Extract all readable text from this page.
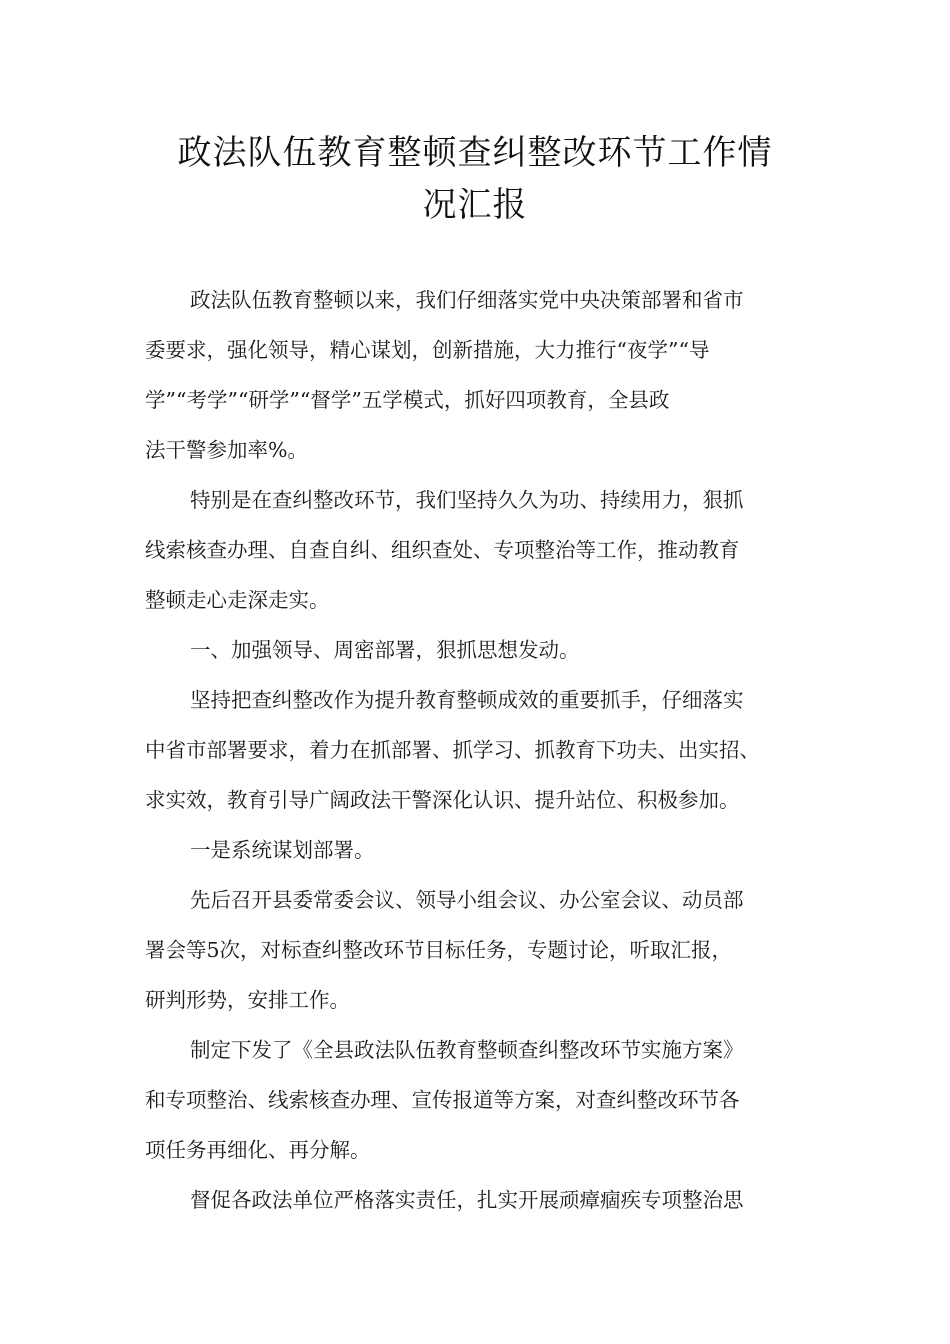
政法队伍教育整顿查纠整改环节工作情
况汇报
政法队伍教育整顿以来，我们仔细落实党中央决策部署和省市
委要求，强化领导，精心谋划，创新措施，大力推行“夜学”“导
学”“考学”“研学”“督学”五学模式，抓好四项教育，全县政
法干警参加率%。
特别是在查纠整改环节，我们坚持久久为功、持续用力，狠抓
线索核查办理、自查自纠、组织查处、专项整治等工作，推动教育
整顿走心走深走实。
一、加强领导、周密部署，狠抓思想发动。
坚持把查纠整改作为提升教育整顿成效的重要抓手，仔细落实
中省市部署要求，着力在抓部署、抓学习、抓教育下功夫、出实招、
求实效，教育引导广阔政法干警深化认识、提升站位、积极参加。
一是系统谋划部署。
先后召开县委常委会议、领导小组会议、办公室会议、动员部
署会等5次，对标查纠整改环节目标任务，专题讨论，听取汇报，
研判形势，安排工作。
制定下发了《全县政法队伍教育整顿查纠整改环节实施方案》
和专项整治、线索核查办理、宣传报道等方案，对查纠整改环节各
项任务再细化、再分解。
督促各政法单位严格落实责任，扎实开展顽瘴痼疾专项整治思
